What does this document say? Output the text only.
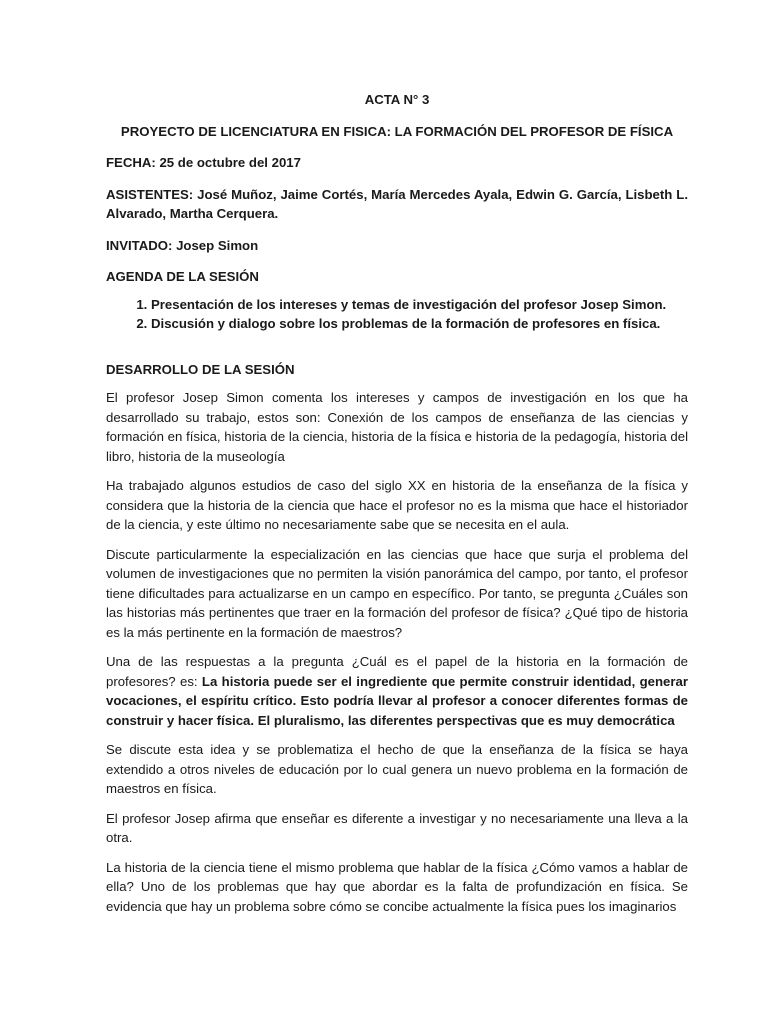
ACTA N° 3
PROYECTO DE LICENCIATURA EN FISICA: LA FORMACIÓN DEL PROFESOR DE FÍSICA
FECHA: 25 de octubre del 2017

ASISTENTES: José Muñoz, Jaime Cortés, María Mercedes Ayala, Edwin G. García, Lisbeth L. Alvarado, Martha Cerquera.

INVITADO: Josep Simon
AGENDA DE LA SESIÓN
1. Presentación de los intereses y temas de investigación del profesor Josep Simon.
2. Discusión y dialogo sobre los problemas de la formación de profesores en física.
DESARROLLO DE LA SESIÓN

El profesor Josep Simon comenta los intereses y campos de investigación en los que ha desarrollado su trabajo, estos son: Conexión de los campos de enseñanza de las ciencias y formación en física, historia de la ciencia, historia de la física e historia de la pedagogía, historia del libro, historia de la museología

Ha trabajado algunos estudios de caso del siglo XX en historia de la enseñanza de la física y considera que la historia de la ciencia que hace el profesor no es la misma que hace el historiador de la ciencia, y este último no necesariamente sabe que se necesita en el aula.

Discute particularmente la especialización en las ciencias que hace que surja el problema del volumen de investigaciones que no permiten la visión panorámica del campo, por tanto, el profesor tiene dificultades para actualizarse en un campo en específico. Por tanto, se pregunta ¿Cuáles son las historias más pertinentes que traer en la formación del profesor de física? ¿Qué tipo de historia es la más pertinente en la formación de maestros?

Una de las respuestas a la pregunta ¿Cuál es el papel de la historia en la formación de profesores? es: La historia puede ser el ingrediente que permite construir identidad, generar vocaciones, el espíritu crítico. Esto podría llevar al profesor a conocer diferentes formas de construir y hacer física. El pluralismo, las diferentes perspectivas que es muy democrática

Se discute esta idea y se problematiza el hecho de que la enseñanza de la física se haya extendido a otros niveles de educación por lo cual genera un nuevo problema en la formación de maestros en física.

El profesor Josep afirma que enseñar es diferente a investigar y no necesariamente una lleva a la otra.

La historia de la ciencia tiene el mismo problema que hablar de la física ¿Cómo vamos a hablar de ella? Uno de los problemas que hay que abordar es la falta de profundización en física. Se evidencia que hay un problema sobre cómo se concibe actualmente la física pues los imaginarios
